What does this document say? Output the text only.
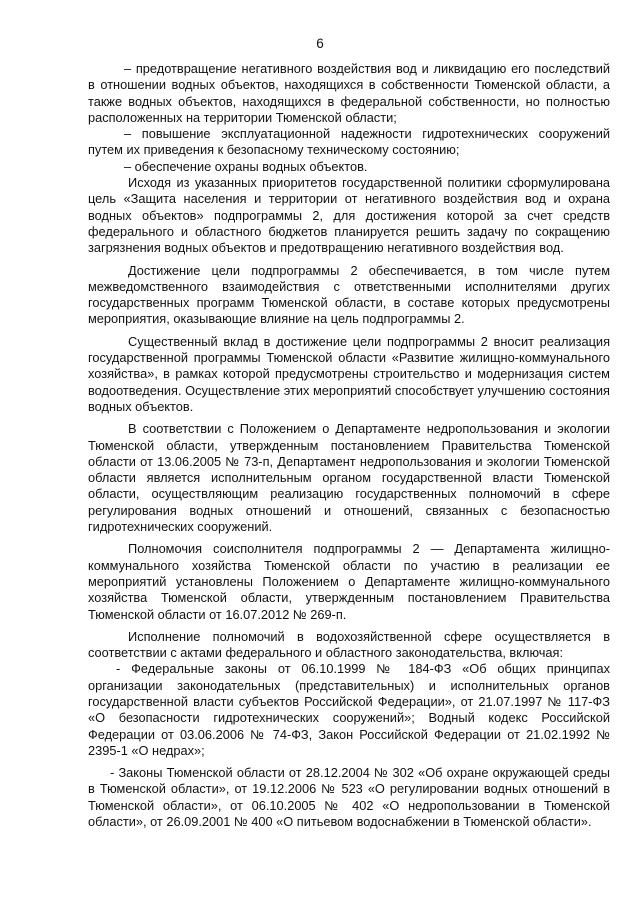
6

– предотвращение негативного воздействия вод и ликвидацию его последствий в отношении водных объектов, находящихся в собственности Тюменской области, а также водных объектов, находящихся в федеральной собственности, но полностью расположенных на территории Тюменской области;

– повышение эксплуатационной надежности гидротехнических сооружений путем их приведения к безопасному техническому состоянию;

– обеспечение охраны водных объектов.

Исходя из указанных приоритетов государственной политики сформулирована цель «Защита населения и территории от негативного воздействия вод и охрана водных объектов» подпрограммы 2, для достижения которой за счет средств федерального и областного бюджетов планируется решить задачу по сокращению загрязнения водных объектов и предотвращению негативного воздействия вод.

Достижение цели подпрограммы 2 обеспечивается, в том числе путем межведомственного взаимодействия с ответственными исполнителями других государственных программ Тюменской области, в составе которых предусмотрены мероприятия, оказывающие влияние на цель подпрограммы 2.

Существенный вклад в достижение цели подпрограммы 2 вносит реализация государственной программы Тюменской области «Развитие жилищно-коммунального хозяйства», в рамках которой предусмотрены строительство и модернизация систем водоотведения. Осуществление этих мероприятий способствует улучшению состояния водных объектов.

В соответствии с Положением о Департаменте недропользования и экологии Тюменской области, утвержденным постановлением Правительства Тюменской области от 13.06.2005 № 73-п, Департамент недропользования и экологии Тюменской области является исполнительным органом государственной власти Тюменской области, осуществляющим реализацию государственных полномочий в сфере регулирования водных отношений и отношений, связанных с безопасностью гидротехнических сооружений.

Полномочия соисполнителя подпрограммы 2 — Департамента жилищно-коммунального хозяйства Тюменской области по участию в реализации ее мероприятий установлены Положением о Департаменте жилищно-коммунального хозяйства Тюменской области, утвержденным постановлением Правительства Тюменской области от 16.07.2012 № 269-п.

Исполнение полномочий в водохозяйственной сфере осуществляется в соответствии с актами федерального и областного законодательства, включая:

- Федеральные законы от 06.10.1999 № 184-ФЗ «Об общих принципах организации законодательных (представительных) и исполнительных органов государственной власти субъектов Российской Федерации», от 21.07.1997 № 117-ФЗ «О безопасности гидротехнических сооружений»; Водный кодекс Российской Федерации от 03.06.2006 № 74-ФЗ, Закон Российской Федерации от 21.02.1992 № 2395-1 «О недрах»;

- Законы Тюменской области от 28.12.2004 № 302 «Об охране окружающей среды в Тюменской области», от 19.12.2006 № 523 «О регулировании водных отношений в Тюменской области», от 06.10.2005 № 402 «О недропользовании в Тюменской области», от 26.09.2001 № 400 «О питьевом водоснабжении в Тюменской области».
